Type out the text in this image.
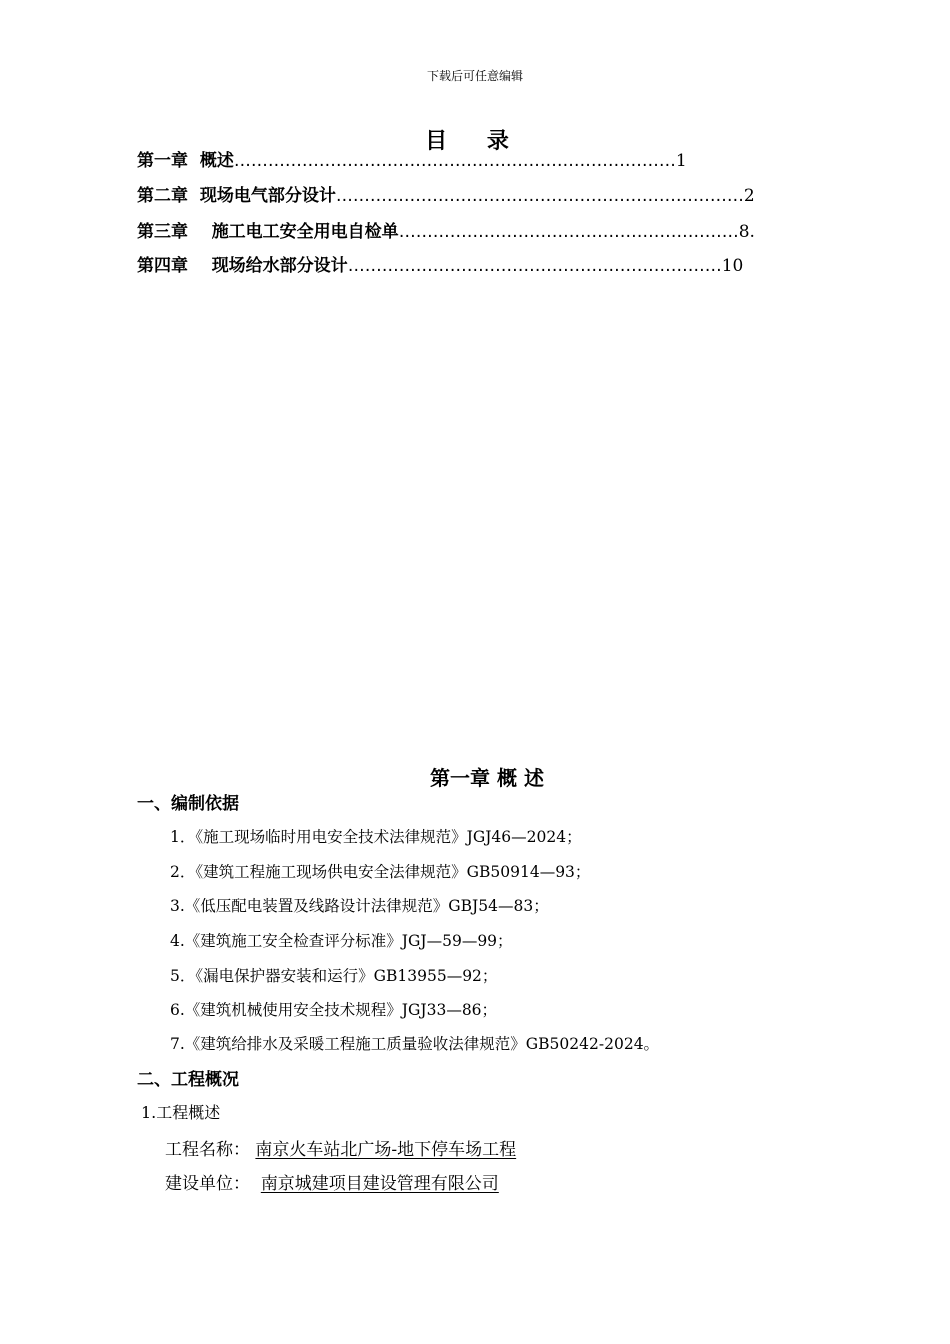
下载后可任意编辑
目 录
第一章 概述……………………………………………………………………1
第二章 现场电气部分设计………………………………………………………………2
第三章 施工电工安全用电自检单……………………………………………………8.
第四章 现场给水部分设计…………………………………………………………10
第一章 概 述
一、编制依据
1．《施工现场临时用电安全技术法律规范》JGJ46—2024；
2．《建筑工程施工现场供电安全法律规范》GB50914—93；
3.《低压配电装置及线路设计法律规范》GBJ54—83；
4.《建筑施工安全检查评分标准》JGJ—59—99；
5．《漏电保护器安装和运行》GB13955—92；
6.《建筑机械使用安全技术规程》JGJ33—86；
7.《建筑给排水及采暖工程施工质量验收法律规范》GB50242-2024。
二、工程概况
1.工程概述
工程名称： 南京火车站北广场-地下停车场工程
建设单位： 南京城建项目建设管理有限公司
